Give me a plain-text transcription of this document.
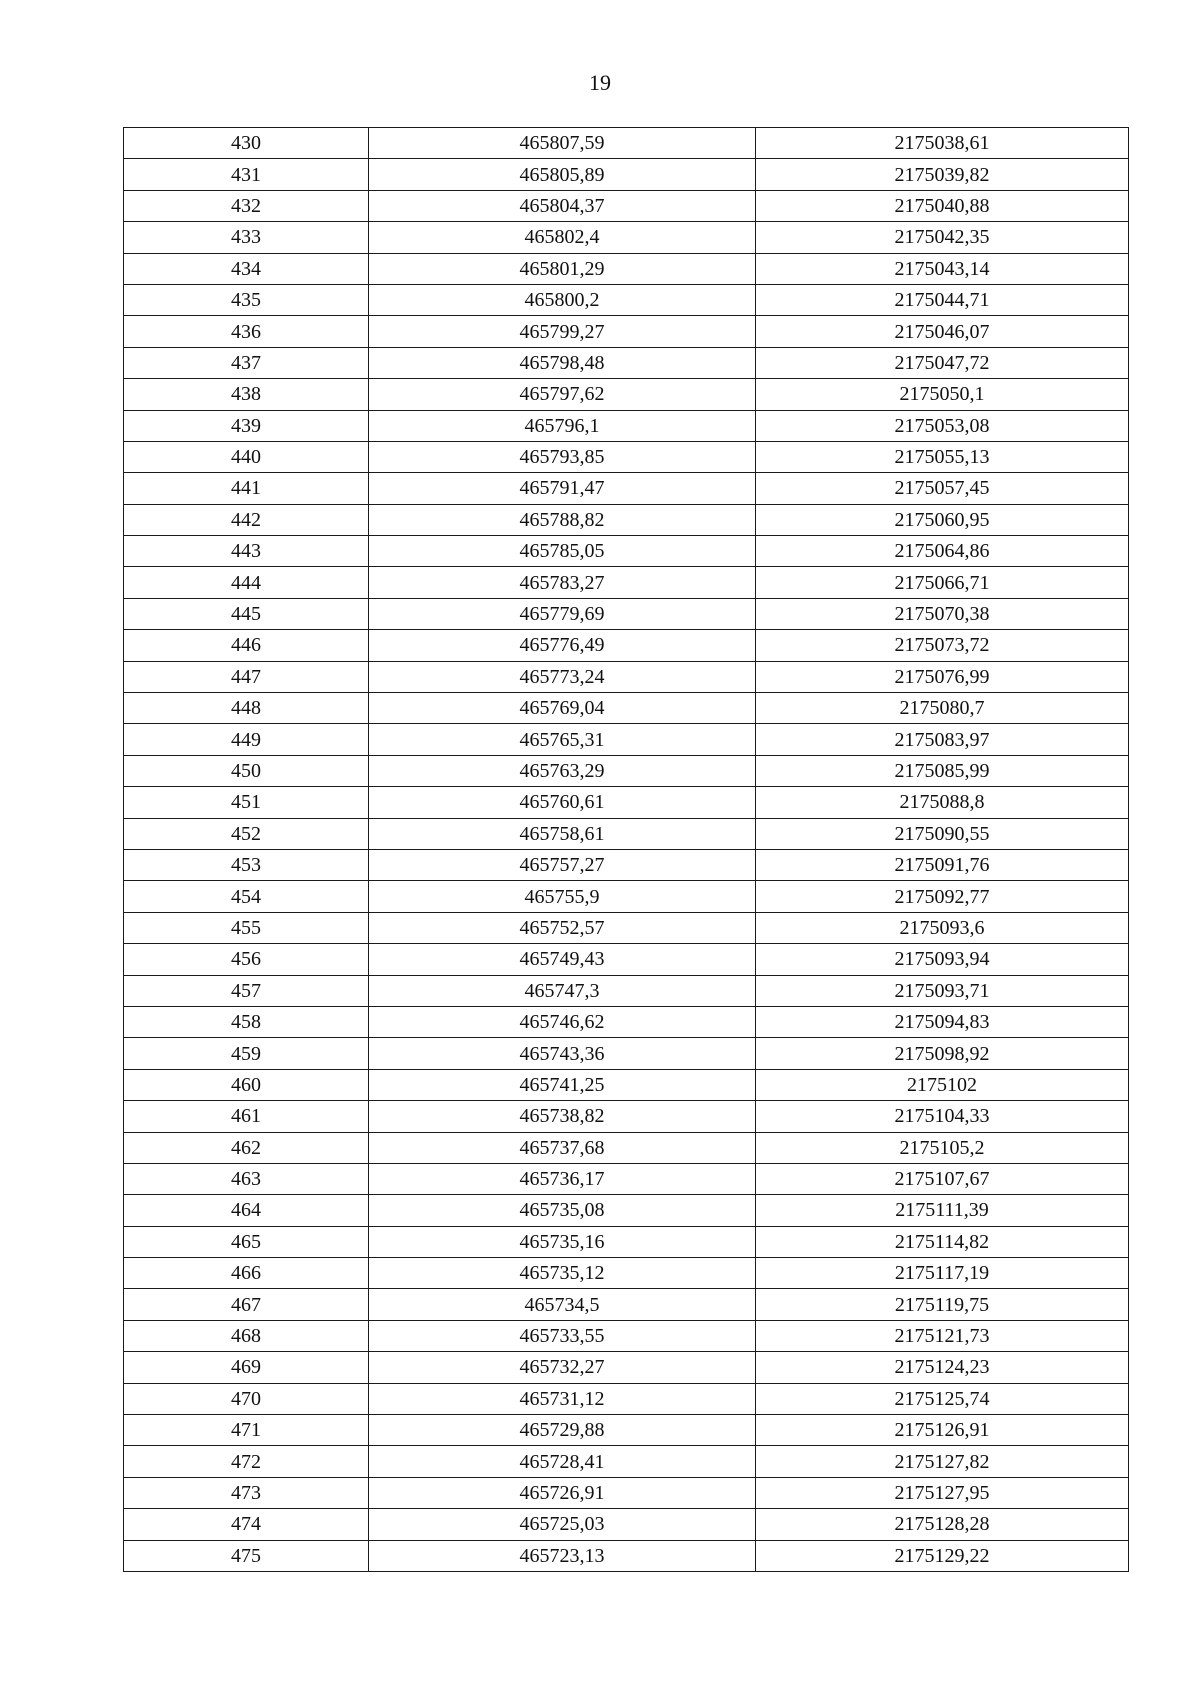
19
430	465807,59	2175038,61
431	465805,89	2175039,82
432	465804,37	2175040,88
433	465802,4	2175042,35
434	465801,29	2175043,14
435	465800,2	2175044,71
436	465799,27	2175046,07
437	465798,48	2175047,72
438	465797,62	2175050,1
439	465796,1	2175053,08
440	465793,85	2175055,13
441	465791,47	2175057,45
442	465788,82	2175060,95
443	465785,05	2175064,86
444	465783,27	2175066,71
445	465779,69	2175070,38
446	465776,49	2175073,72
447	465773,24	2175076,99
448	465769,04	2175080,7
449	465765,31	2175083,97
450	465763,29	2175085,99
451	465760,61	2175088,8
452	465758,61	2175090,55
453	465757,27	2175091,76
454	465755,9	2175092,77
455	465752,57	2175093,6
456	465749,43	2175093,94
457	465747,3	2175093,71
458	465746,62	2175094,83
459	465743,36	2175098,92
460	465741,25	2175102
461	465738,82	2175104,33
462	465737,68	2175105,2
463	465736,17	2175107,67
464	465735,08	2175111,39
465	465735,16	2175114,82
466	465735,12	2175117,19
467	465734,5	2175119,75
468	465733,55	2175121,73
469	465732,27	2175124,23
470	465731,12	2175125,74
471	465729,88	2175126,91
472	465728,41	2175127,82
473	465726,91	2175127,95
474	465725,03	2175128,28
475	465723,13	2175129,22
